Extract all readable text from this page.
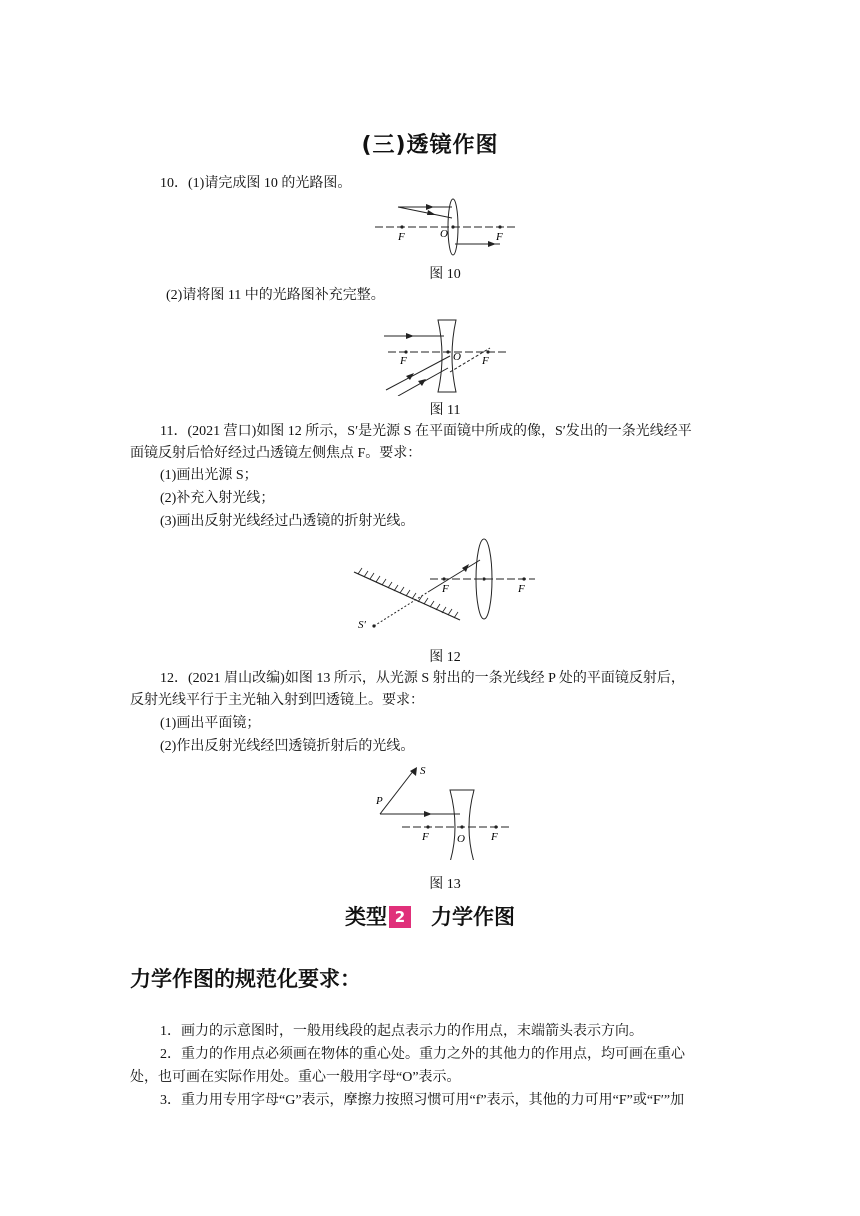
(三)透镜作图
10．(1)请完成图 10 的光路图。
F	O	F
图 10
(2)请将图 11 中的光路图补充完整。
F	O F
图 11
11．(2021 营口)如图 12 所示，S′是光源 S 在平面镜中所成的像，S′发出的一条光线经平
面镜反射后恰好经过凸透镜左侧焦点 F。要求：
(1)画出光源 S；
(2)补充入射光线；
(3)画出反射光线经过凸透镜的折射光线。
S′
F	F
图 12
12．(2021 眉山改编)如图 13 所示，从光源 S 射出的一条光线经 P 处的平面镜反射后，
反射光线平行于主光轴入射到凹透镜上。要求：
(1)画出平面镜；
(2)作出反射光线经凹透镜折射后的光线。
S
P
F	O F
图 13
类型 2 力学作图
力学作图的规范化要求：
1．画力的示意图时，一般用线段的起点表示力的作用点，末端箭头表示方向。
2．重力的作用点必须画在物体的重心处。重力之外的其他力的作用点，均可画在重心
处，也可画在实际作用处。重心一般用字母“O”表示。
3．重力用专用字母“G”表示，摩擦力按照习惯可用“f”表示，其他的力可用“F”或“F′”加
